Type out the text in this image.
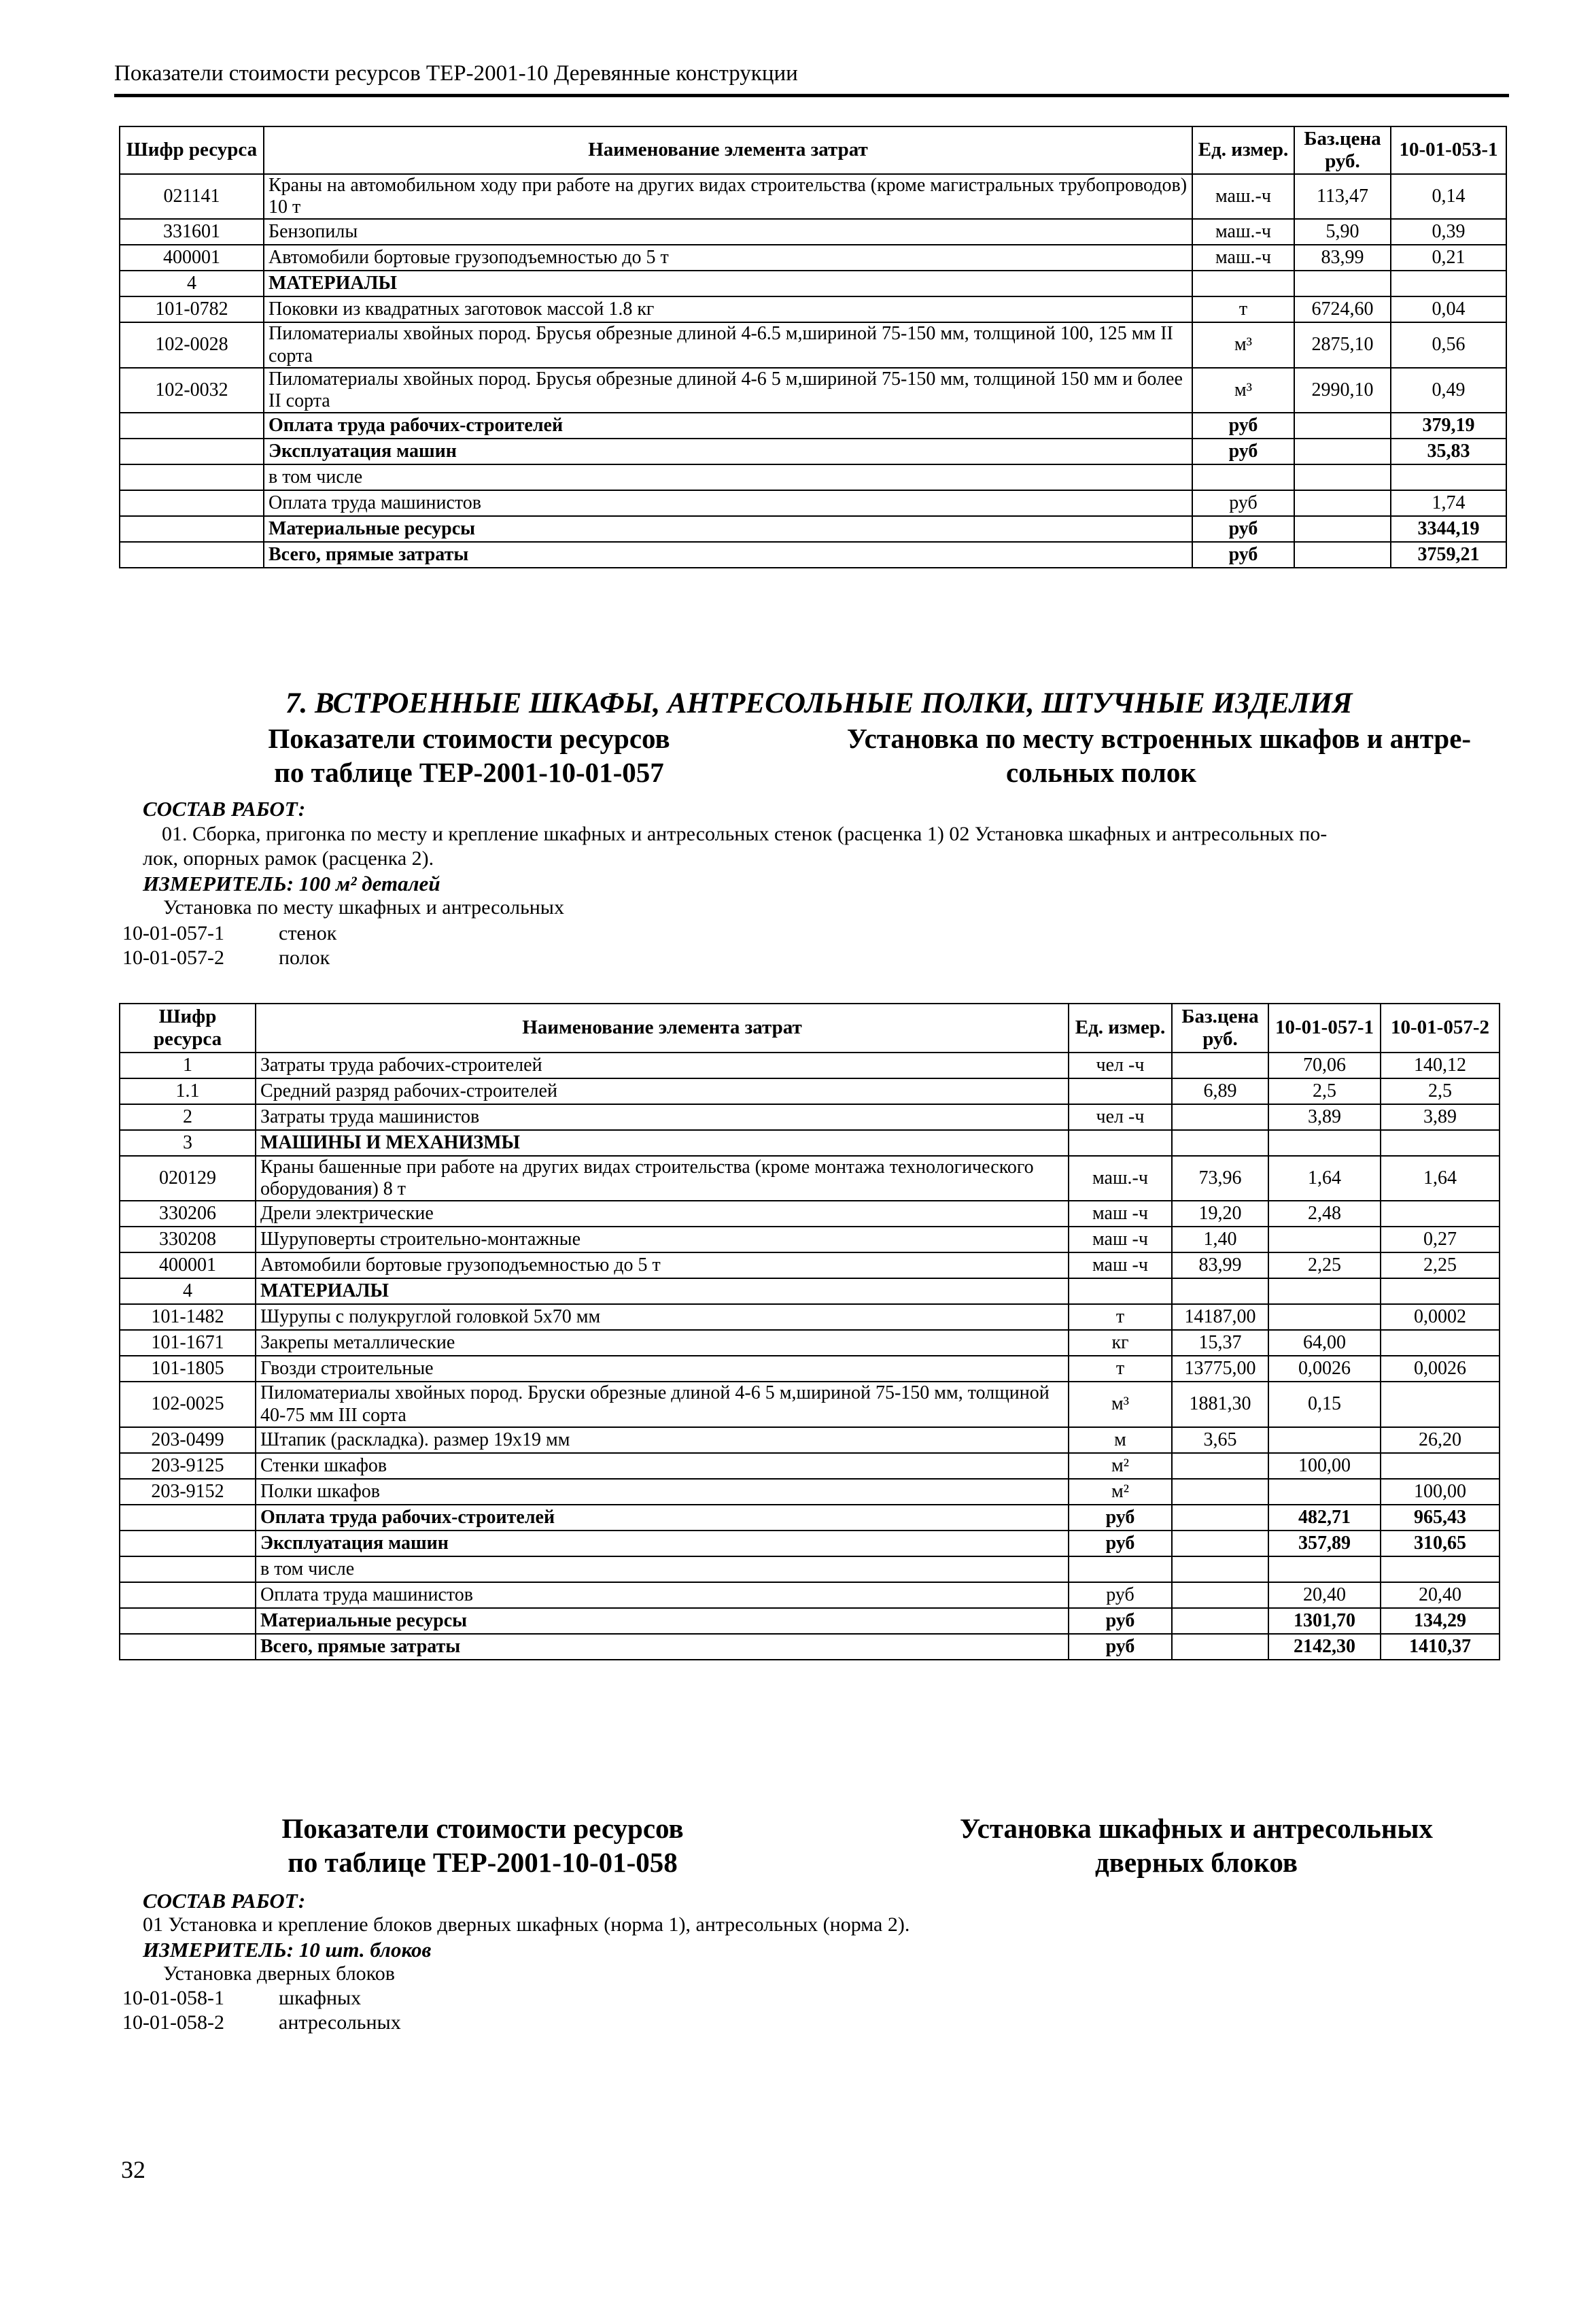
Показатели стоимости ресурсов ТЕР-2001-10 Деревянные конструкции
Шифр ресурса	Наименование элемента затрат	Ед. измер.	Баз.цена руб.	10-01-053-1
021141	Краны на автомобильном ходу при работе на других видах строительства (кроме магистральных трубопроводов) 10 т	маш.-ч	113,47	0,14
331601	Бензопилы	маш.-ч	5,90	0,39
400001	Автомобили бортовые грузоподъемностью до 5 т	маш.-ч	83,99	0,21
4	МАТЕРИАЛЫ			
101-0782	Поковки из квадратных заготовок массой 1.8 кг	т	6724,60	0,04
102-0028	Пиломатериалы хвойных пород. Брусья обрезные длиной 4-6.5 м,шириной 75-150 мм, толщиной 100, 125 мм II сорта	м³	2875,10	0,56
102-0032	Пиломатериалы хвойных пород. Брусья обрезные длиной 4-6 5 м,шириной 75-150 мм, толщиной 150 мм и более II сорта	м³	2990,10	0,49
	Оплата труда рабочих-строителей	руб		379,19
	Эксплуатация машин	руб		35,83
	в том числе			
	Оплата труда машинистов	руб		1,74
	Материальные ресурсы	руб		3344,19
	Всего, прямые затраты	руб		3759,21
7. ВСТРОЕННЫЕ ШКАФЫ, АНТРЕСОЛЬНЫЕ ПОЛКИ, ШТУЧНЫЕ ИЗДЕЛИЯ
Показатели стоимости ресурсов
по таблице ТЕР-2001-10-01-057
Установка по месту встроенных шкафов и антре-
сольных полок
СОСТАВ РАБОТ:
01. Сборка, пригонка по месту и крепление шкафных и антресольных стенок (расценка 1) 02 Установка шкафных и антресольных по-
лок, опорных рамок (расценка 2).
ИЗМЕРИТЕЛЬ: 100 м² деталей
Установка по месту шкафных и антресольных
10-01-057-1	стенок
10-01-057-2	полок
Шифр ресурса	Наименование элемента затрат	Ед. измер.	Баз.цена руб.	10-01-057-1	10-01-057-2
1	Затраты труда рабочих-строителей	чел -ч		70,06	140,12
1.1	Средний разряд рабочих-строителей		6,89	2,5	2,5
2	Затраты труда машинистов	чел -ч		3,89	3,89
3	МАШИНЫ И МЕХАНИЗМЫ				
020129	Краны башенные при работе на других видах строительства (кроме монтажа технологического оборудования) 8 т	маш.-ч	73,96	1,64	1,64
330206	Дрели электрические	маш -ч	19,20	2,48	
330208	Шуруповерты строительно-монтажные	маш -ч	1,40		0,27
400001	Автомобили бортовые грузоподъемностью до 5 т	маш -ч	83,99	2,25	2,25
4	МАТЕРИАЛЫ				
101-1482	Шурупы с полукруглой головкой 5х70 мм	т	14187,00		0,0002
101-1671	Закрепы металлические	кг	15,37	64,00	
101-1805	Гвозди строительные	т	13775,00	0,0026	0,0026
102-0025	Пиломатериалы хвойных пород. Бруски обрезные длиной 4-6 5 м,шириной 75-150 мм, толщиной 40-75 мм III сорта	м³	1881,30	0,15	
203-0499	Штапик (раскладка). размер 19х19 мм	м	3,65		26,20
203-9125	Стенки шкафов	м²		100,00	
203-9152	Полки шкафов	м²			100,00
	Оплата труда рабочих-строителей	руб		482,71	965,43
	Эксплуатация машин	руб		357,89	310,65
	в том числе				
	Оплата труда машинистов	руб		20,40	20,40
	Материальные ресурсы	руб		1301,70	134,29
	Всего, прямые затраты	руб		2142,30	1410,37
Показатели стоимости ресурсов
по таблице ТЕР-2001-10-01-058
Установка шкафных и антресольных
дверных блоков
СОСТАВ РАБОТ:
01 Установка и крепление блоков дверных шкафных (норма 1), антресольных (норма 2).
ИЗМЕРИТЕЛЬ: 10 шт. блоков
Установка дверных блоков
10-01-058-1	шкафных
10-01-058-2	антресольных
32
